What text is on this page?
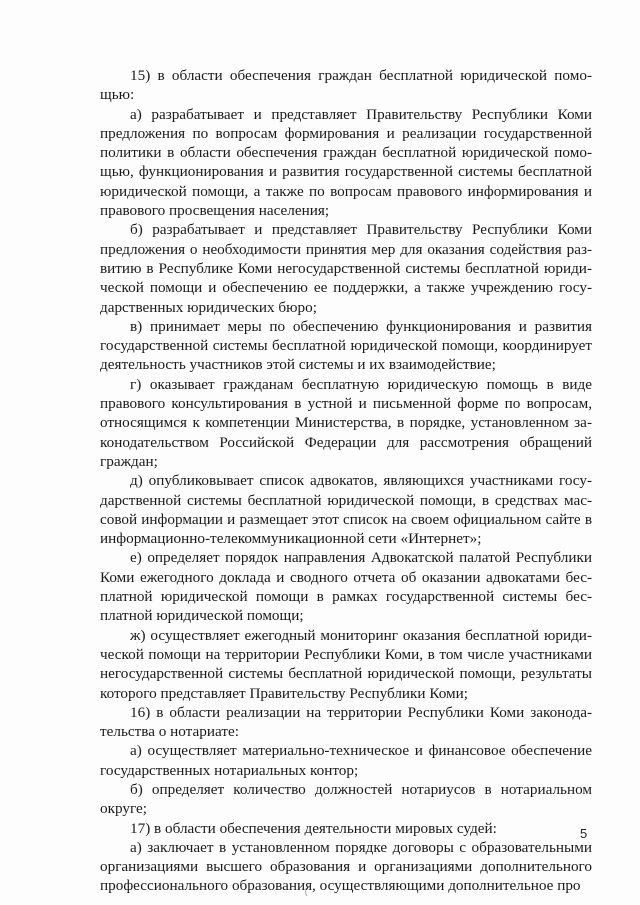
15) в области обеспечения граждан бесплатной юридической помощью:

а) разрабатывает и представляет Правительству Республики Коми предложения по вопросам формирования и реализации государственной политики в области обеспечения граждан бесплатной юридической помощью, функционирования и развития государственной системы бесплатной юридической помощи, а также по вопросам правового информирования и правового просвещения населения;

б) разрабатывает и представляет Правительству Республики Коми предложения о необходимости принятия мер для оказания содействия развитию в Республике Коми негосударственной системы бесплатной юридической помощи и обеспечению ее поддержки, а также учреждению государственных юридических бюро;

в) принимает меры по обеспечению функционирования и развития государственной системы бесплатной юридической помощи, координирует деятельность участников этой системы и их взаимодействие;

г) оказывает гражданам бесплатную юридическую помощь в виде правового консультирования в устной и письменной форме по вопросам, относящимся к компетенции Министерства, в порядке, установленном законодательством Российской Федерации для рассмотрения обращений граждан;

д) опубликовывает список адвокатов, являющихся участниками государственной системы бесплатной юридической помощи, в средствах массовой информации и размещает этот список на своем официальном сайте в информационно-телекоммуникационной сети «Интернет»;

е) определяет порядок направления Адвокатской палатой Республики Коми ежегодного доклада и сводного отчета об оказании адвокатами бесплатной юридической помощи в рамках государственной системы бесплатной юридической помощи;

ж) осуществляет ежегодный мониторинг оказания бесплатной юридической помощи на территории Республики Коми, в том числе участниками негосударственной системы бесплатной юридической помощи, результаты которого представляет Правительству Республики Коми;

16) в области реализации на территории Республики Коми законодательства о нотариате:

а) осуществляет материально-техническое и финансовое обеспечение государственных нотариальных контор;

б) определяет количество должностей нотариусов в нотариальном округе;

17) в области обеспечения деятельности мировых судей:

а) заключает в установленном порядке договоры с образовательными организациями высшего образования и организациями дополнительного профессионального образования, осуществляющими дополнительное про

5
